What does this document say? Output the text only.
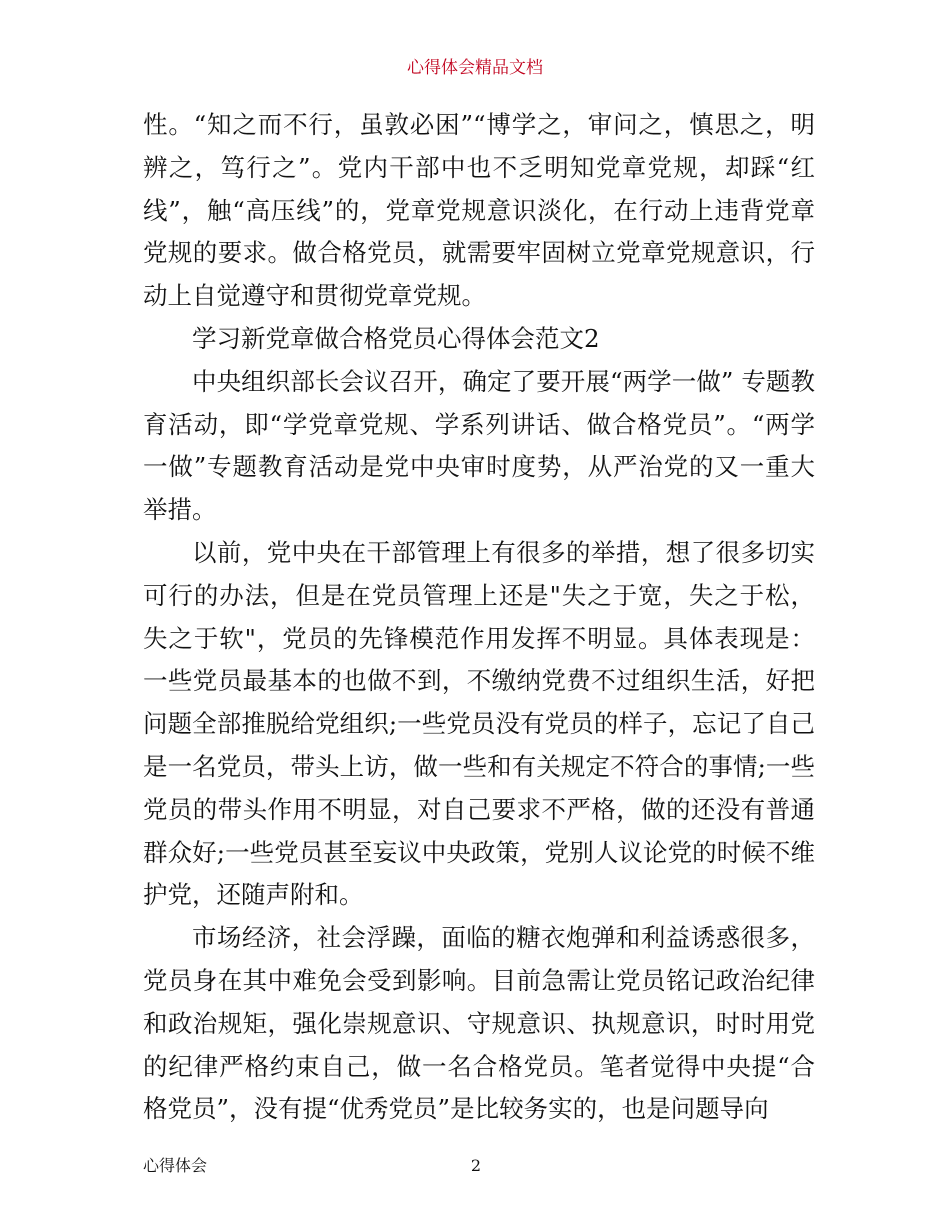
心得体会精品文档

性。“知之而不行，虽敦必困”“博学之，审问之，慎思之，明辨之，笃行之”。党内干部中也不乏明知党章党规，却踩“红线”，触“高压线”的，党章党规意识淡化，在行动上违背党章党规的要求。做合格党员，就需要牢固树立党章党规意识，行动上自觉遵守和贯彻党章党规。

学习新党章做合格党员心得体会范文2

中央组织部长会议召开，确定了要开展“两学一做” 专题教育活动，即“学党章党规、学系列讲话、做合格党员”。“两学一做”专题教育活动是党中央审时度势，从严治党的又一重大举措。

以前，党中央在干部管理上有很多的举措，想了很多切实可行的办法，但是在党员管理上还是"失之于宽，失之于松，失之于软"，党员的先锋模范作用发挥不明显。具体表现是：一些党员最基本的也做不到，不缴纳党费不过组织生活，好把问题全部推脱给党组织;一些党员没有党员的样子，忘记了自己是一名党员，带头上访，做一些和有关规定不符合的事情;一些党员的带头作用不明显，对自己要求不严格，做的还没有普通群众好;一些党员甚至妄议中央政策，党别人议论党的时候不维护党，还随声附和。

市场经济，社会浮躁，面临的糖衣炮弹和利益诱惑很多，党员身在其中难免会受到影响。目前急需让党员铭记政治纪律和政治规矩，强化崇规意识、守规意识、执规意识，时时用党的纪律严格约束自己，做一名合格党员。笔者觉得中央提“合格党员”，没有提“优秀党员”是比较务实的，也是问题导向

心得体会	2
